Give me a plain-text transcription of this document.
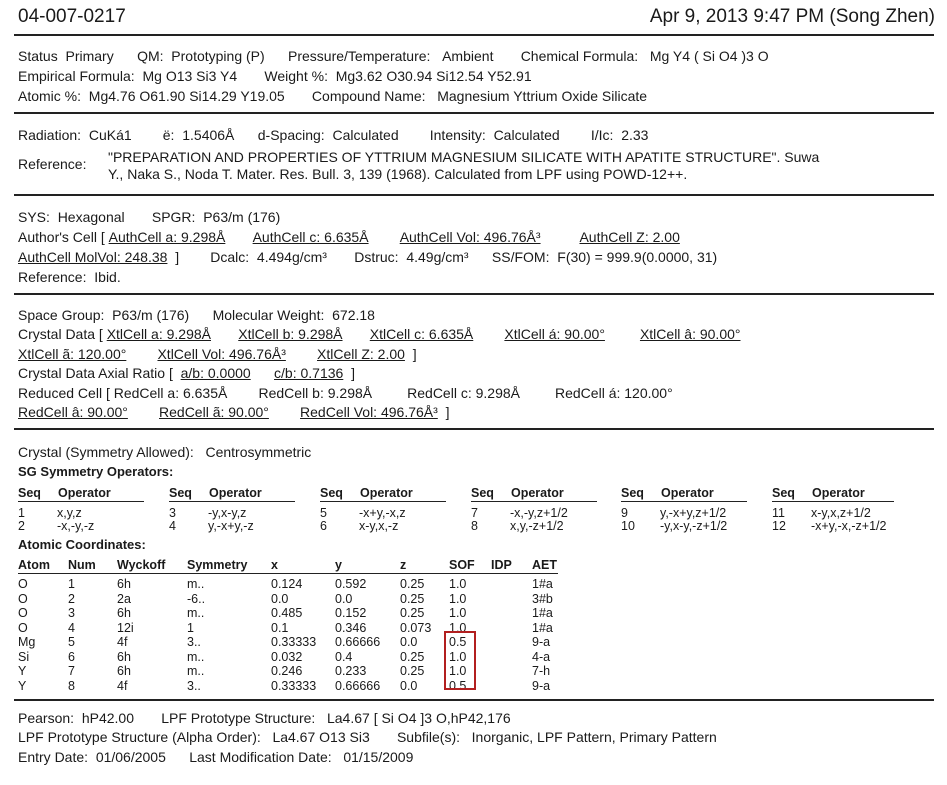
04-007-0217	Apr 9, 2013 9:47 PM (Song Zhen)
Status Primary QM: Prototyping (P) Pressure/Temperature: Ambient Chemical Formula: Mg Y4 ( Si O4 )3 O
Empirical Formula: Mg O13 Si3 Y4 Weight %: Mg3.62 O30.94 Si12.54 Y52.91
Atomic %: Mg4.76 O61.90 Si14.29 Y19.05 Compound Name: Magnesium Yttrium Oxide Silicate
Radiation: CuKá1 ë: 1.5406Å d-Spacing: Calculated Intensity: Calculated I/Ic: 2.33
Reference: "PREPARATION AND PROPERTIES OF YTTRIUM MAGNESIUM SILICATE WITH APATITE STRUCTURE". Suwa
Y., Naka S., Noda T. Mater. Res. Bull. 3, 139 (1968). Calculated from LPF using POWD-12++.
SYS: Hexagonal SPGR: P63/m (176)
Author's Cell [ AuthCell a: 9.298Å AuthCell c: 6.635Å AuthCell Vol: 496.76Å³	AuthCell Z: 2.00
AuthCell MolVol: 248.38 ] Dcalc: 4.494g/cm³ Dstruc: 4.49g/cm³ SS/FOM: F(30) = 999.9(0.0000, 31)
Reference: Ibid.
Space Group: P63/m (176) Molecular Weight: 672.18
Crystal Data [ XtlCell a: 9.298Å XtlCell b: 9.298Å XtlCell c: 6.635Å XtlCell á: 90.00°	XtlCell â: 90.00°
XtlCell ã: 120.00° XtlCell Vol: 496.76Å³ XtlCell Z: 2.00 ]
Crystal Data Axial Ratio [ a/b: 0.0000 c/b: 0.7136 ]
Reduced Cell [ RedCell a: 6.635Å RedCell b: 9.298Å	RedCell c: 9.298Å	RedCell á: 120.00°
RedCell â: 90.00° RedCell ã: 90.00° RedCell Vol: 496.76Å³ ]
Crystal (Symmetry Allowed): Centrosymmetric
SG Symmetry Operators:
Seq Operator
1	x,y,z
2	-x,-y,-z
Seq Operator
3	-y,x-y,z
4	y,-x+y,-z
Seq Operator
5	-x+y,-x,z
6	x-y,x,-z
Seq Operator
7	-x,-y,z+1/2
8	x,y,-z+1/2
Seq Operator
9	y,-x+y,z+1/2
10 -y,x-y,-z+1/2
Seq Operator
11 x-y,x,z+1/2
12 -x+y,-x,-z+1/2
Atomic Coordinates:
Atom Num Wyckoff Symmetry x	y	z	SOF IDP AET
O	1	6h	m..	0.124	0.592	0.25 1.0	1#a
O	2	2a	-6..	0.0	0.0	0.25 1.0	3#b
O	3	6h	m..	0.485	0.152	0.25 1.0	1#a
O	4	12i	1	0.1	0.346	0.073 1.0	1#a
Mg	5	4f	3..	0.33333 0.66666 0.0	0.5	9-a
Si	6	6h	m..	0.032	0.4	0.25 1.0	4-a
Y	7	6h	m..	0.246	0.233	0.25 1.0	7-h
Y	8	4f	3..	0.33333 0.66666 0.0	0.5	9-a
Pearson: hP42.00 LPF Prototype Structure: La4.67 [ Si O4 ]3 O,hP42,176
LPF Prototype Structure (Alpha Order): La4.67 O13 Si3 Subfile(s): Inorganic, LPF Pattern, Primary Pattern
Entry Date: 01/06/2005 Last Modification Date: 01/15/2009
